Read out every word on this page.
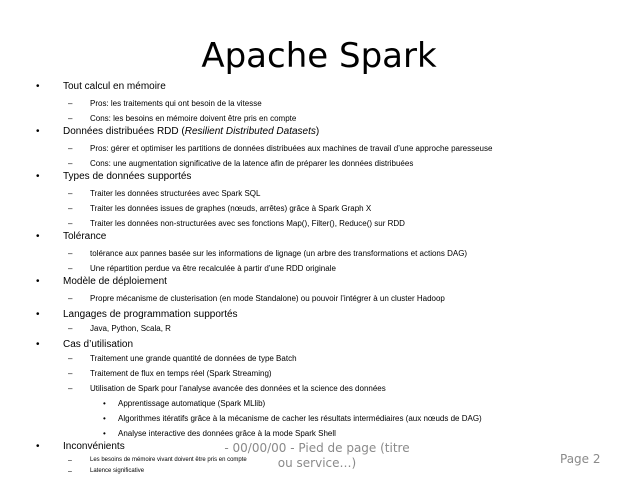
Apache Spark
• Tout calcul en mémoire
– Pros: les traitements qui ont besoin de la vitesse
– Cons: les besoins en mémoire doivent être pris en compte
• Données distribuées RDD (Resilient Distributed Datasets)
– Pros: gérer et optimiser les partitions de données distribuées aux machines de travail d’une approche paresseuse
– Cons: une augmentation significative de la latence afin de préparer les données distribuées
• Types de données supportés
– Traiter les données structurées avec Spark SQL
– Traiter les données issues de graphes (nœuds, arrêtes) grâce à Spark Graph X
– Traiter les données non-structurées avec ses fonctions Map(), Filter(), Reduce() sur RDD
• Tolérance
– tolérance aux pannes basée sur les informations de lignage (un arbre des transformations et actions DAG)
– Une répartition perdue va être recalculée à partir d’une RDD originale
• Modèle de déploiement
– Propre mécanisme de clusterisation (en mode Standalone) ou pouvoir l’intégrer à un cluster Hadoop
• Langages de programmation supportés
– Java, Python, Scala, R
• Cas d’utilisation
– Traitement une grande quantité de données de type Batch
– Traitement de flux en temps réel (Spark Streaming)
– Utilisation de Spark pour l’analyse avancée des données et la science des données
• Apprentissage automatique (Spark MLlib)
• Algorithmes itératifs grâce à la mécanisme de cacher les résultats intermédiaires (aux nœuds de DAG)
• Analyse interactive des données grâce à la mode Spark Shell
• Inconvénients
–	Les besoins de mémoire vivant doivent être pris en compte
–	Latence significative
- 00/00/00 - Pied de page (titre ou service…)	Page 2
